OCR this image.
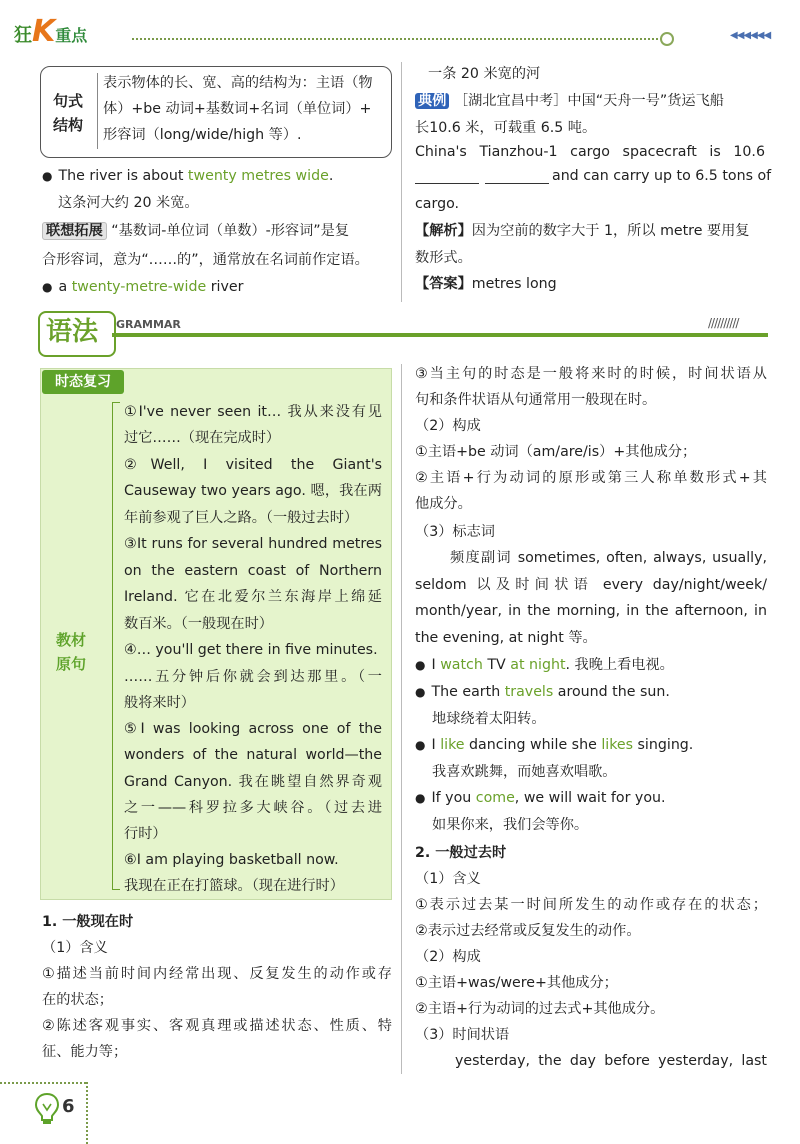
狂K重点	◀◀◀◀◀◀
句式
结构
表示物体的长、宽、高的结构为：主语（物
体）+be 动词+基数词+名词（单位词）+
形容词（long/wide/high 等）.
● The river is about twenty metres wide.
这条河大约 20 米宽。
联想拓展 “基数词-单位词（单数）-形容词”是复
合形容词，意为“……的”，通常放在名词前作定语。
● a twenty-metre-wide river
一条 20 米宽的河
典例 ［湖北宜昌中考］中国“天舟一号”货运飞船
长10.6 米，可载重 6.5 吨。
China's Tianzhou-1 cargo spacecraft is 10.6
and can carry up to 6.5 tons of
cargo.
【解析】因为空前的数字大于 1，所以 metre 要用复
数形式。
【答案】metres long
语法 GRAMMAR	//////////
时态复习
教材
原句
①I've never seen it… 我从来没有见
过它……（现在完成时）
②Well, I visited the Giant's
Causeway two years ago. 嗯，我在两
年前参观了巨人之路。（一般过去时）
③It runs for several hundred metres
on the eastern coast of Northern
Ireland. 它在北爱尔兰东海岸上绵延
数百米。（一般现在时）
④… you'll get there in five minutes.
……五分钟后你就会到达那里。（一
般将来时）
⑤I was looking across one of the
wonders of the natural world—the
Grand Canyon. 我在眺望自然界奇观
之一——科罗拉多大峡谷。（过去进
行时）
⑥I am playing basketball now.
我现在正在打篮球。（现在进行时）
1. 一般现在时
（1）含义
①描述当前时间内经常出现、反复发生的动作或存
在的状态；
②陈述客观事实、客观真理或描述状态、性质、特
征、能力等；
③当主句的时态是一般将来时的时候，时间状语从
句和条件状语从句通常用一般现在时。
（2）构成
①主语+be 动词（am/are/is）+其他成分；
②主语+行为动词的原形或第三人称单数形式+其
他成分。
（3）标志词
频度副词 sometimes, often, always, usually,
seldom 以及时间状语 every day/night/week/
month/year, in the morning, in the afternoon, in
the evening, at night 等。
● I watch TV at night. 我晚上看电视。
● The earth travels around the sun.
地球绕着太阳转。
● I like dancing while she likes singing.
我喜欢跳舞，而她喜欢唱歌。
● If you come, we will wait for you.
如果你来，我们会等你。
2. 一般过去时
（1）含义
①表示过去某一时间所发生的动作或存在的状态；
②表示过去经常或反复发生的动作。
（2）构成
①主语+was/were+其他成分；
②主语+行为动词的过去式+其他成分。
（3）时间状语
yesterday, the day before yesterday, last
6
